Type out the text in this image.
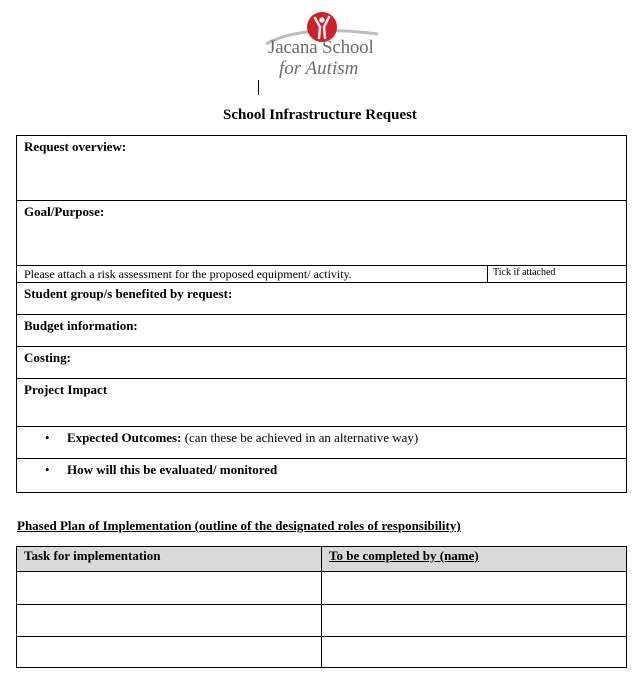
Jacana School
for Autism
School Infrastructure Request
Request overview:
Goal/Purpose:
Please attach a risk assessment for the proposed equipment/ activity.	Tick if attached
Student group/s benefited by request:
Budget information:
Costing:
Project Impact
• Expected Outcomes: (can these be achieved in an alternative way)
• How will this be evaluated/ monitored
Phased Plan of Implementation (outline of the designated roles of responsibility)
Task for implementation	To be completed by (name)
